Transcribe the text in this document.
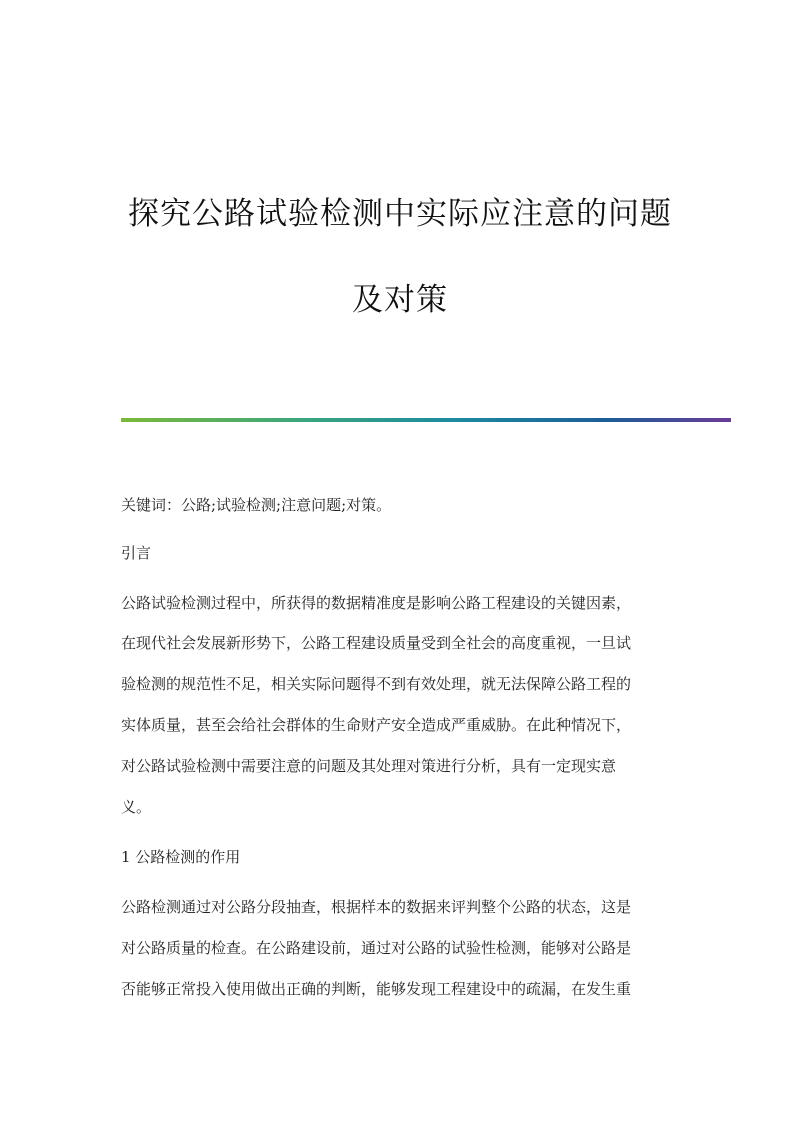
探究公路试验检测中实际应注意的问题
及对策
关键词：公路;试验检测;注意问题;对策。
引言
公路试验检测过程中，所获得的数据精准度是影响公路工程建设的关键因素，
在现代社会发展新形势下，公路工程建设质量受到全社会的高度重视，一旦试
验检测的规范性不足，相关实际问题得不到有效处理，就无法保障公路工程的
实体质量，甚至会给社会群体的生命财产安全造成严重威胁。在此种情况下，
对公路试验检测中需要注意的问题及其处理对策进行分析，具有一定现实意
义。
1 公路检测的作用
公路检测通过对公路分段抽查，根据样本的数据来评判整个公路的状态，这是
对公路质量的检查。在公路建设前，通过对公路的试验性检测，能够对公路是
否能够正常投入使用做出正确的判断，能够发现工程建设中的疏漏，在发生重
